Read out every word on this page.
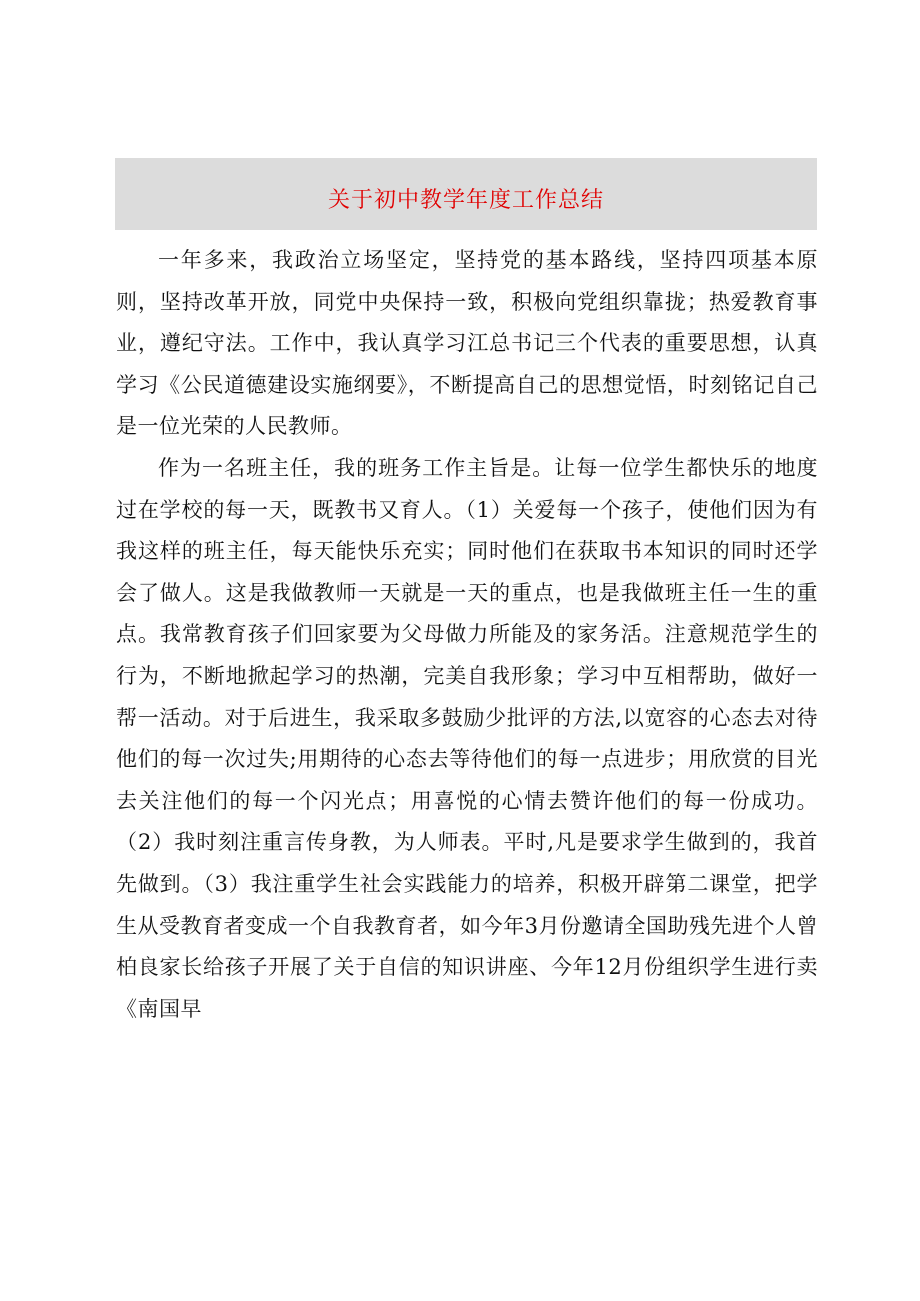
关于初中教学年度工作总结

一年多来，我政治立场坚定，坚持党的基本路线，坚持四项基本原则，坚持改革开放，同党中央保持一致，积极向党组织靠拢；热爱教育事业，遵纪守法。工作中，我认真学习江总书记三个代表的重要思想，认真学习《公民道德建设实施纲要》，不断提高自己的思想觉悟，时刻铭记自己是一位光荣的人民教师。

作为一名班主任，我的班务工作主旨是。让每一位学生都快乐的地度过在学校的每一天，既教书又育人。（1）关爱每一个孩子，使他们因为有我这样的班主任，每天能快乐充实；同时他们在获取书本知识的同时还学会了做人。这是我做教师一天就是一天的重点，也是我做班主任一生的重点。我常教育孩子们回家要为父母做力所能及的家务活。注意规范学生的行为，不断地掀起学习的热潮，完美自我形象；学习中互相帮助，做好一帮一活动。对于后进生，我采取多鼓励少批评的方法,以宽容的心态去对待他们的每一次过失;用期待的心态去等待他们的每一点进步；用欣赏的目光去关注他们的每一个闪光点；用喜悦的心情去赞许他们的每一份成功。（2）我时刻注重言传身教，为人师表。平时,凡是要求学生做到的，我首先做到。（3）我注重学生社会实践能力的培养，积极开辟第二课堂，把学生从受教育者变成一个自我教育者，如今年3月份邀请全国助残先进个人曾柏良家长给孩子开展了关于自信的知识讲座、今年12月份组织学生进行卖《南国早
